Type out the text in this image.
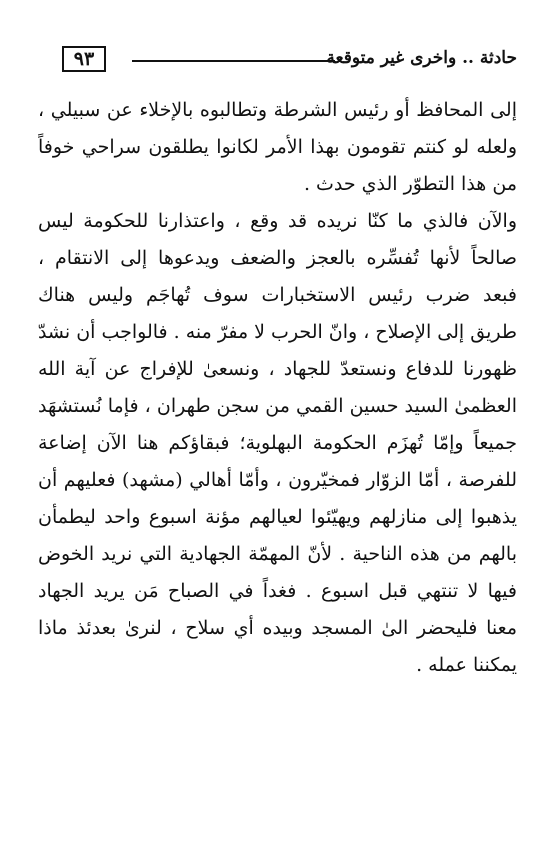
٩٣	حادثة .. واخرى غير متوقعة
إلى المحافظ أو رئيس الشرطة وتطالبوه بالإخلاء عن سبيلي ،
ولعله لو كنتم تقومون بهذا الأمر لكانوا يطلقون سراحي خوفاً
من هذا التطوّر الذي حدث .
والآن فالذي ما كنّا نريده قد وقع ، واعتذارنا للحكومة ليس
صالحاً لأنها تُفسِّره بالعجز والضعف ويدعوها إلى الانتقام ،
فبعد ضرب رئيس الاستخبارات سوف تُهاجَم وليس هناك
طريق إلى الإصلاح ، وانّ الحرب لا مفرّ منه . فالواجب أن نشدّ
ظهورنا للدفاع ونستعدّ للجهاد ، ونسعىٰ للإفراج عن آية الله
العظمىٰ السيد حسين القمي من سجن طهران ، فإما نُستشهَد
جميعاً وإمّا تُهزَم الحكومة البهلوية؛ فبقاؤكم هنا الآن إضاعة
للفرصة ، أمّا الزوّار فمخيّرون ، وأمّا أهالي (مشهد) فعليهم أن
يذهبوا إلى منازلهم ويهيّئوا لعيالهم مؤنة اسبوع واحد ليطمأن
بالهم من هذه الناحية . لأنّ المهمّة الجهادية التي نريد الخوض
فيها لا تنتهي قبل اسبوع . فغداً في الصباح مَن يريد الجهاد
معنا فليحضر الىٰ المسجد وبيده أي سلاح ، لنرىٰ بعدئذ ماذا
يمكننا عمله .
